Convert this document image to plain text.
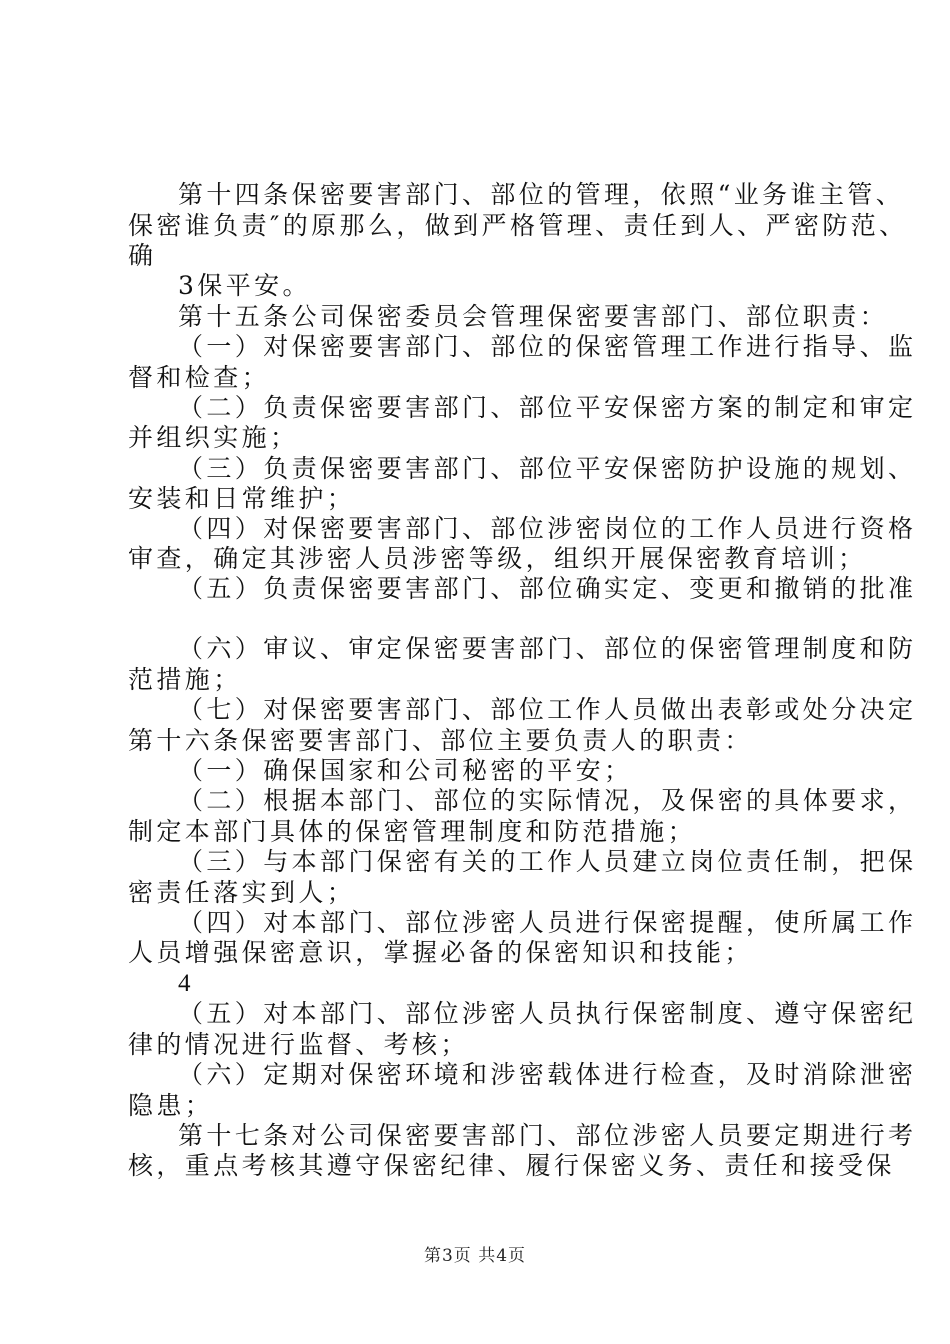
第十四条保密要害部门、部位的管理，依照“业务谁主管、
保密谁负责″的原那么，做到严格管理、责任到人、严密防范、
确
3保平安。
第十五条公司保密委员会管理保密要害部门、部位职责：
（一）对保密要害部门、部位的保密管理工作进行指导、监
督和检查；
（二）负责保密要害部门、部位平安保密方案的制定和审定
并组织实施；
（三）负责保密要害部门、部位平安保密防护设施的规划、
安装和日常维护；
（四）对保密要害部门、部位涉密岗位的工作人员进行资格
审查，确定其涉密人员涉密等级，组织开展保密教育培训；
（五）负责保密要害部门、部位确实定、变更和撤销的批准
（六）审议、审定保密要害部门、部位的保密管理制度和防
范措施；
（七）对保密要害部门、部位工作人员做出表彰或处分决定
第十六条保密要害部门、部位主要负责人的职责：
（一）确保国家和公司秘密的平安；
（二）根据本部门、部位的实际情况，及保密的具体要求，
制定本部门具体的保密管理制度和防范措施；
（三）与本部门保密有关的工作人员建立岗位责任制，把保
密责任落实到人；
（四）对本部门、部位涉密人员进行保密提醒，使所属工作
人员增强保密意识，掌握必备的保密知识和技能；
4
（五）对本部门、部位涉密人员执行保密制度、遵守保密纪
律的情况进行监督、考核；
（六）定期对保密环境和涉密载体进行检查，及时消除泄密
隐患；
第十七条对公司保密要害部门、部位涉密人员要定期进行考
核，重点考核其遵守保密纪律、履行保密义务、责任和接受保
第3页 共4页
